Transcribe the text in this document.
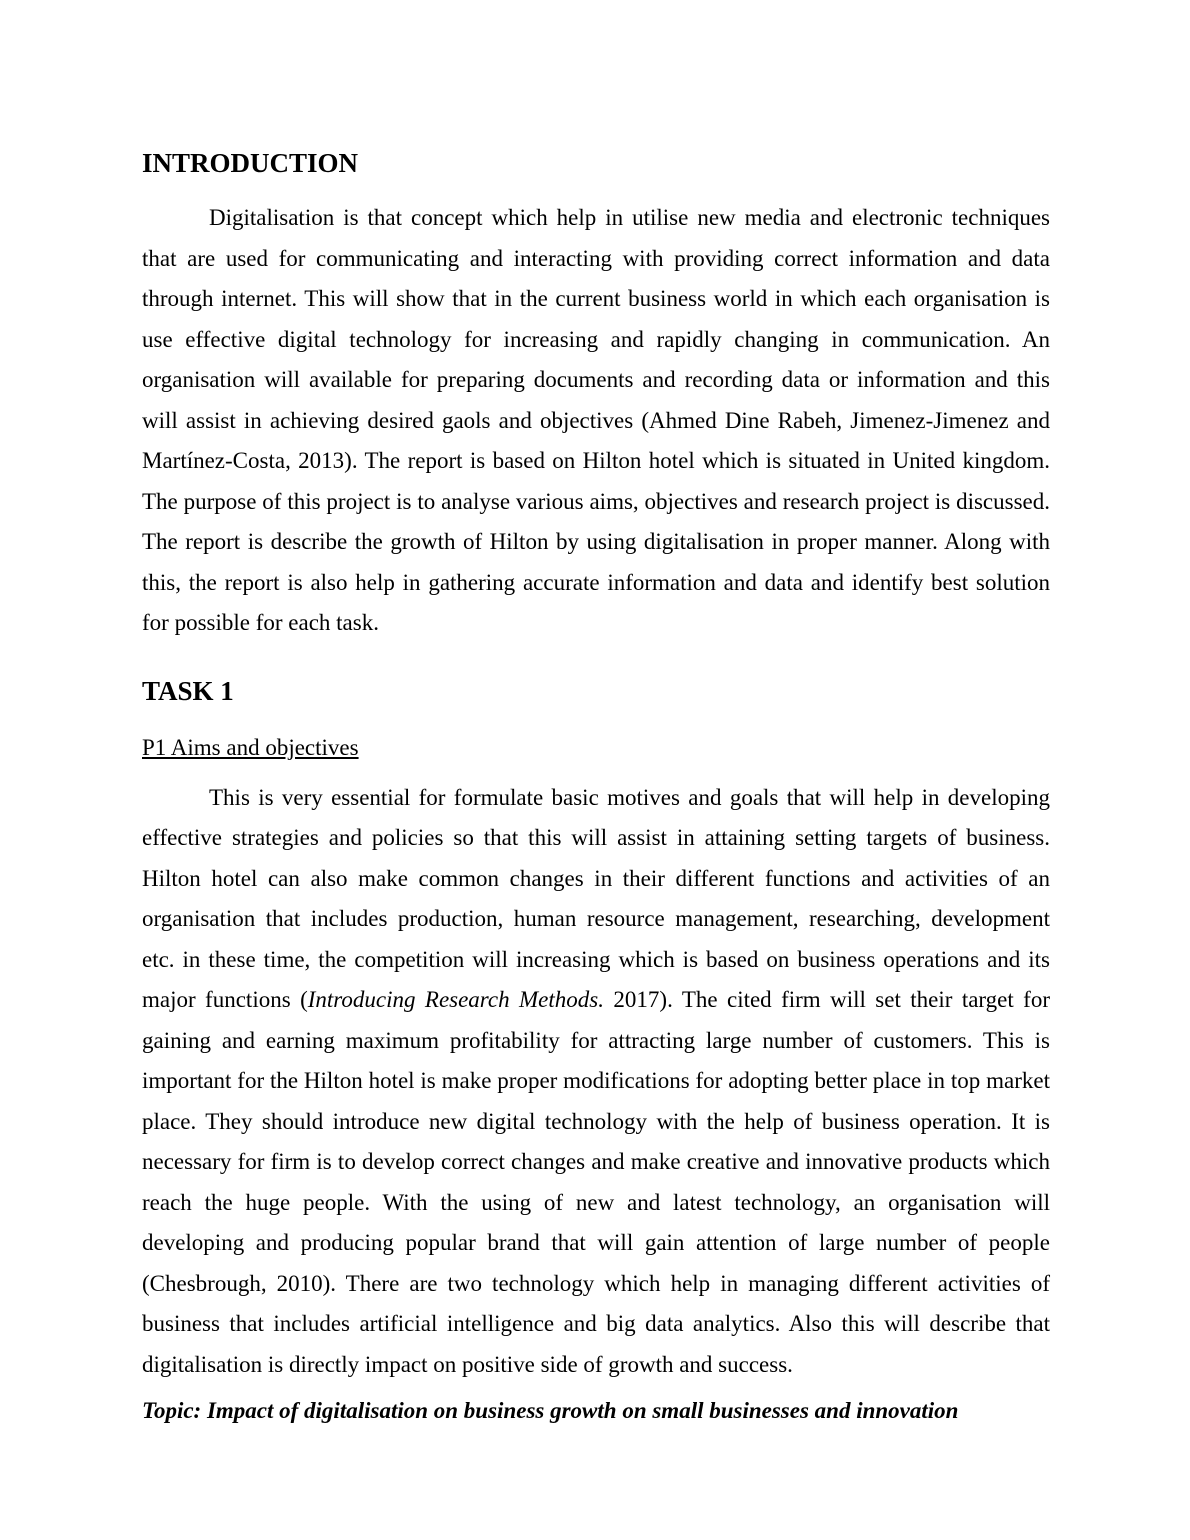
INTRODUCTION

Digitalisation is that concept which help in utilise new media and electronic techniques that are used for communicating and interacting with providing correct information and data through internet. This will show that in the current business world in which each organisation is use effective digital technology for increasing and rapidly changing in communication. An organisation will available for preparing documents and recording data or information and this will assist in achieving desired gaols and objectives (Ahmed Dine Rabeh, Jimenez-Jimenez and Martínez-Costa, 2013). The report is based on Hilton hotel which is situated in United kingdom. The purpose of this project is to analyse various aims, objectives and research project is discussed. The report is describe the growth of Hilton by using digitalisation in proper manner. Along with this, the report is also help in gathering accurate information and data and identify best solution for possible for each task.

TASK 1
P1 Aims and objectives

This is very essential for formulate basic motives and goals that will help in developing effective strategies and policies so that this will assist in attaining setting targets of business. Hilton hotel can also make common changes in their different functions and activities of an organisation that includes production, human resource management, researching, development etc. in these time, the competition will increasing which is based on business operations and its major functions (Introducing Research Methods. 2017). The cited firm will set their target for gaining and earning maximum profitability for attracting large number of customers. This is important for the Hilton hotel is make proper modifications for adopting better place in top market place. They should introduce new digital technology with the help of business operation. It is necessary for firm is to develop correct changes and make creative and innovative products which reach the huge people. With the using of new and latest technology, an organisation will developing and producing popular brand that will gain attention of large number of people (Chesbrough, 2010). There are two technology which help in managing different activities of business that includes artificial intelligence and big data analytics. Also this will describe that digitalisation is directly impact on positive side of growth and success.

Topic: Impact of digitalisation on business growth on small businesses and innovation
